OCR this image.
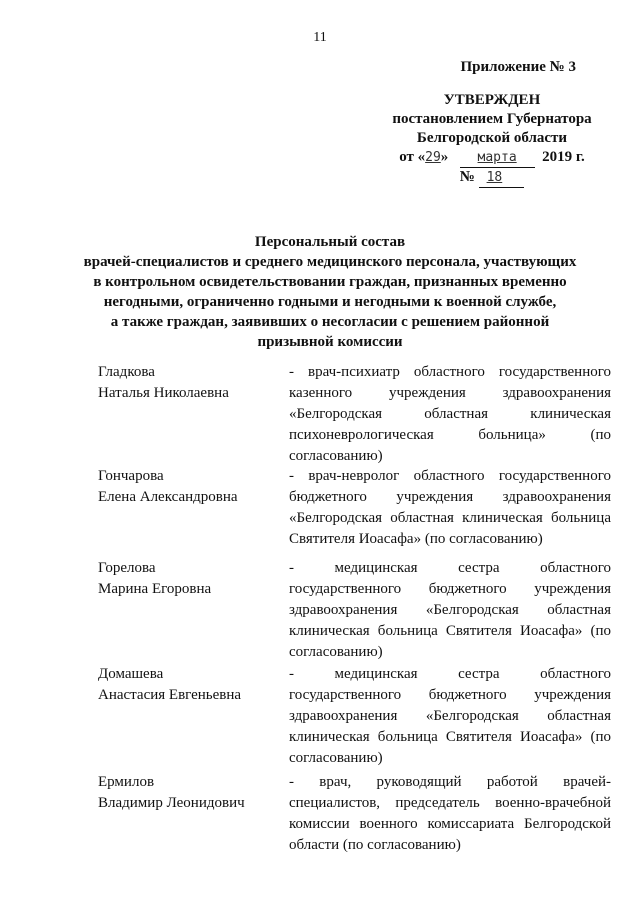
11
Приложение № 3
УТВЕРЖДЕН
постановлением Губернатора
Белгородской области
от «29» марта 2019 г.
№ 18
Персональный состав
врачей-специалистов и среднего медицинского персонала, участвующих
в контрольном освидетельствовании граждан, признанных временно
негодными, ограниченно годными и негодными к военной службе,
а также граждан, заявивших о несогласии с решением районной
призывной комиссии
Гладкова
Наталья Николаевна
- врач-психиатр областного государственного казенного учреждения здравоохранения «Белгородская областная клиническая психоневрологическая больница» (по согласованию)
Гончарова
Елена Александровна
- врач-невролог областного государственного бюджетного учреждения здравоохранения «Белгородская областная клиническая больница Святителя Иоасафа» (по согласованию)
Горелова
Марина Егоровна
- медицинская сестра областного государственного бюджетного учреждения здравоохранения «Белгородская областная клиническая больница Святителя Иоасафа» (по согласованию)
Домашева
Анастасия Евгеньевна
- медицинская сестра областного государственного бюджетного учреждения здравоохранения «Белгородская областная клиническая больница Святителя Иоасафа» (по согласованию)
Ермилов
Владимир Леонидович
- врач, руководящий работой врачей-специалистов, председатель военно-врачебной комиссии военного комиссариата Белгородской области (по согласованию)
